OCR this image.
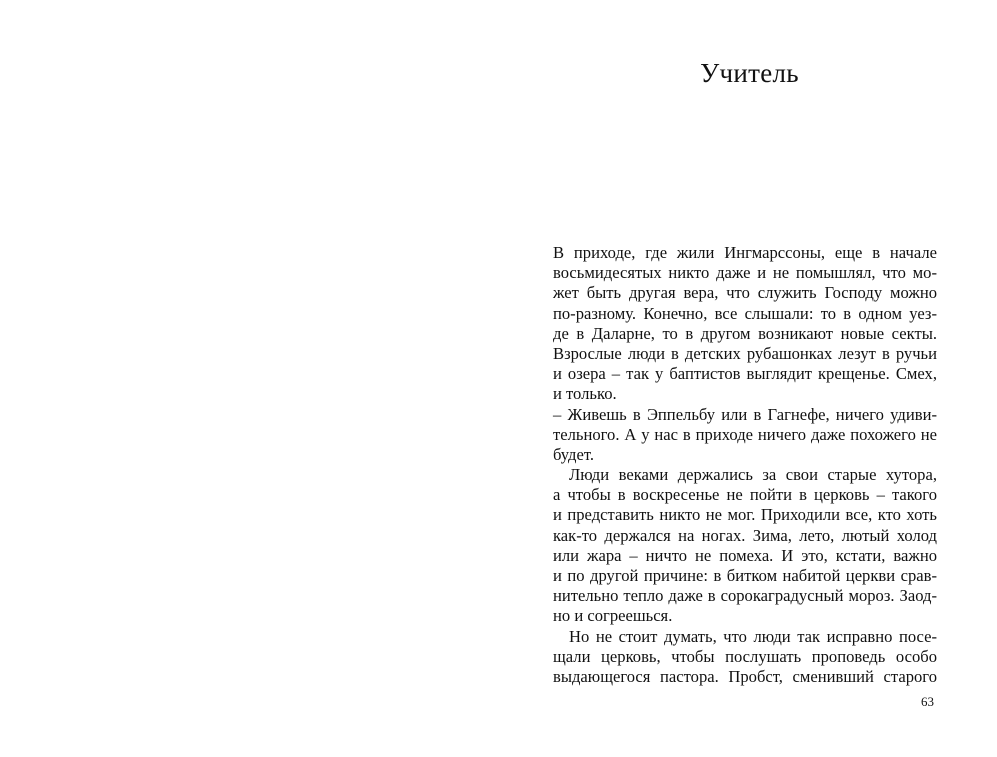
Учитель
В приходе, где жили Ингмарссоны, еще в начале
восьмидесятых никто даже и не помышлял, что мо-
жет быть другая вера, что служить Господу можно
по-разному. Конечно, все слышали: то в одном уез-
де в Даларне, то в другом возникают новые секты.
Взрослые люди в детских рубашонках лезут в ручьи
и озера – так у баптистов выглядит крещенье. Смех,
и только.
– Живешь в Эппельбу или в Гагнефе, ничего удиви-
тельного. А у нас в приходе ничего даже похожего не
будет.
Люди веками держались за свои старые хутора,
а чтобы в воскресенье не пойти в церковь – такого
и представить никто не мог. Приходили все, кто хоть
как-то держался на ногах. Зима, лето, лютый холод
или жара – ничто не помеха. И это, кстати, важно
и по другой причине: в битком набитой церкви срав-
нительно тепло даже в сорокаградусный мороз. Заод-
но и согреешься.
Но не стоит думать, что люди так исправно посе-
щали церковь, чтобы послушать проповедь особо
выдающегося пастора. Пробст, сменивший старого
63
